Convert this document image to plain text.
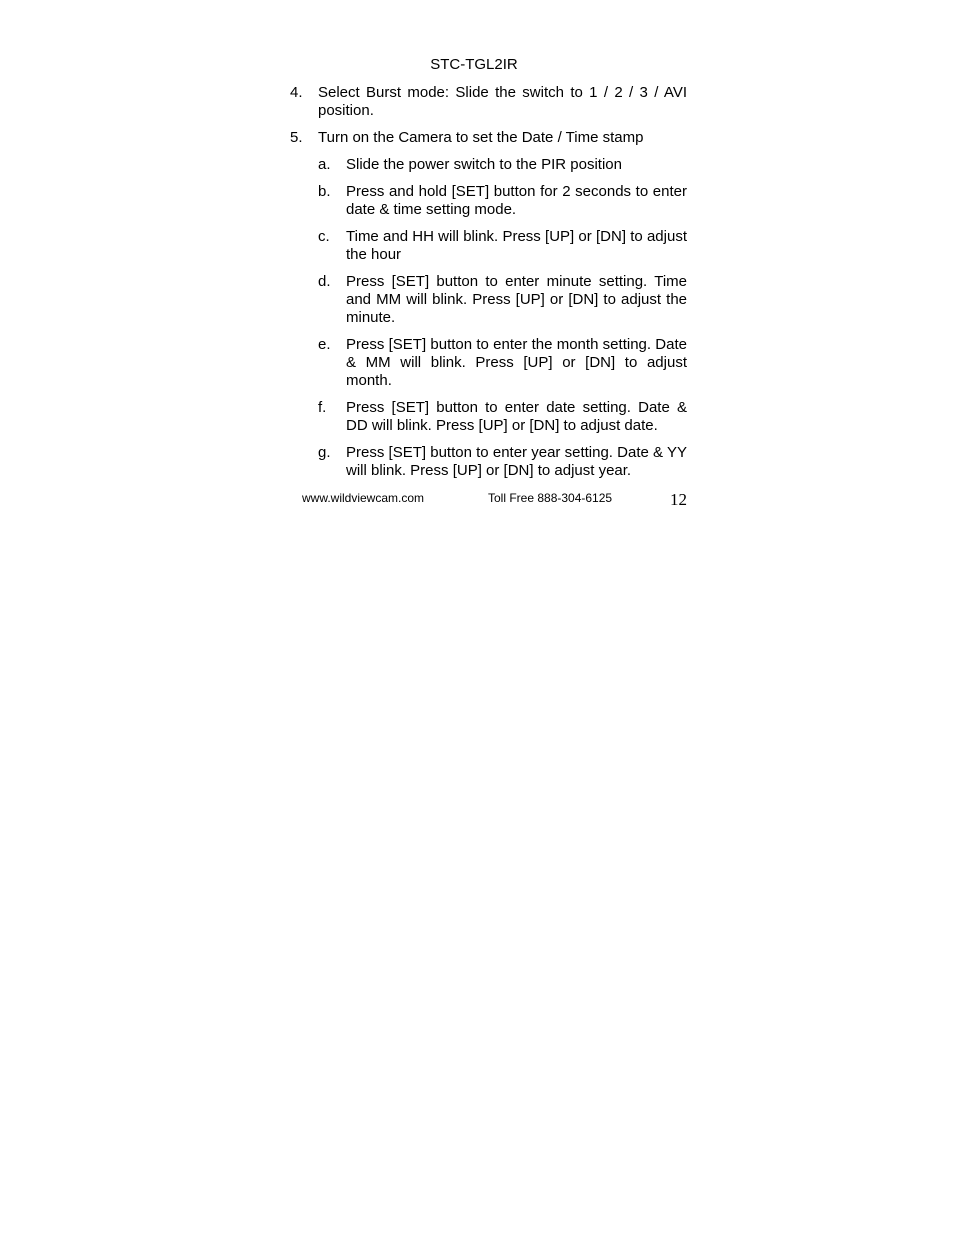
STC-TGL2IR
4.	Select Burst mode: Slide the switch to 1 / 2 / 3 / AVI position.
5.	Turn on the Camera to set the Date / Time stamp
a.	Slide the power switch to the PIR position
b.	Press and hold [SET] button for 2 seconds to enter date & time setting mode.
c.	Time and HH will blink. Press [UP] or [DN] to adjust the hour
d.	Press [SET] button to enter minute setting. Time and MM will blink. Press [UP] or [DN] to adjust the minute.
e.	Press [SET] button to enter the month setting. Date & MM will blink. Press [UP] or [DN] to adjust month.
f.	Press [SET] button to enter date setting. Date & DD will blink. Press [UP] or [DN] to adjust date.
g.	Press [SET] button to enter year setting. Date & YY will blink. Press [UP] or [DN] to adjust year.
www.wildviewcam.com	Toll Free 888-304-6125	12
